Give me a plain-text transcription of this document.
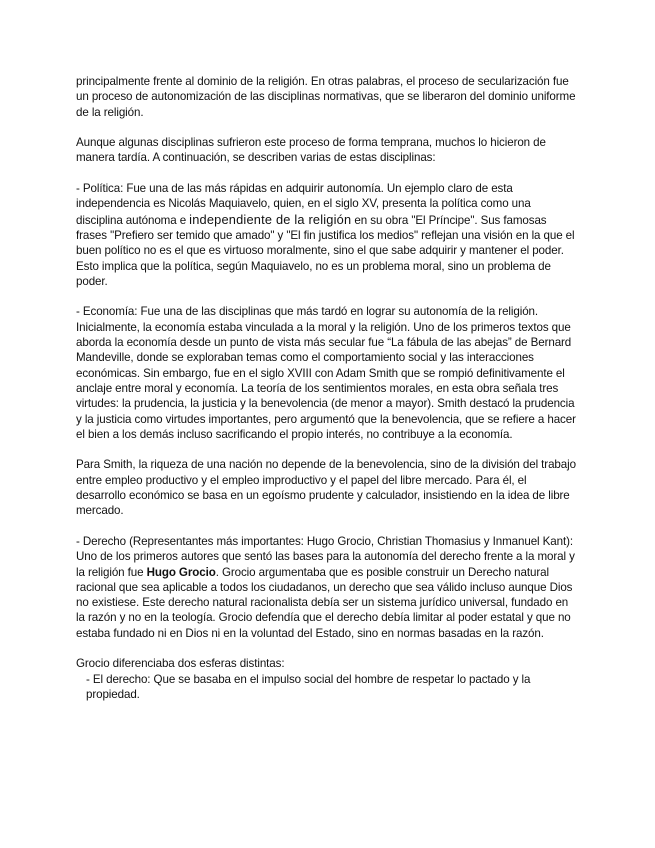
principalmente frente al dominio de la religión. En otras palabras, el proceso de secularización fue un proceso de autonomización de las disciplinas normativas, que se liberaron del dominio uniforme de la religión.

Aunque algunas disciplinas sufrieron este proceso de forma temprana, muchos lo hicieron de manera tardía. A continuación, se describen varias de estas disciplinas:

- Política: Fue una de las más rápidas en adquirir autonomía. Un ejemplo claro de esta independencia es Nicolás Maquiavelo, quien, en el siglo XV, presenta la política como una disciplina autónoma e independiente de la religión en su obra "El Príncipe". Sus famosas frases "Prefiero ser temido que amado" y "El fin justifica los medios" reflejan una visión en la que el buen político no es el que es virtuoso moralmente, sino el que sabe adquirir y mantener el poder. Esto implica que la política, según Maquiavelo, no es un problema moral, sino un problema de poder.

- Economía: Fue una de las disciplinas que más tardó en lograr su autonomía de la religión. Inicialmente, la economía estaba vinculada a la moral y la religión. Uno de los primeros textos que aborda la economía desde un punto de vista más secular fue “La fábula de las abejas” de Bernard Mandeville, donde se exploraban temas como el comportamiento social y las interacciones económicas. Sin embargo, fue en el siglo XVIII con Adam Smith que se rompió definitivamente el anclaje entre moral y economía. La teoría de los sentimientos morales, en esta obra señala tres virtudes: la prudencia, la justicia y la benevolencia (de menor a mayor). Smith destacó la prudencia y la justicia como virtudes importantes, pero argumentó que la benevolencia, que se refiere a hacer el bien a los demás incluso sacrificando el propio interés, no contribuye a la economía.

Para Smith, la riqueza de una nación no depende de la benevolencia, sino de la división del trabajo entre empleo productivo y el empleo improductivo y el papel del libre mercado. Para él, el desarrollo económico se basa en un egoísmo prudente y calculador, insistiendo en la idea de libre mercado.

- Derecho (Representantes más importantes: Hugo Grocio, Christian Thomasius y Inmanuel Kant): Uno de los primeros autores que sentó las bases para la autonomía del derecho frente a la moral y la religión fue Hugo Grocio. Grocio argumentaba que es posible construir un Derecho natural racional que sea aplicable a todos los ciudadanos, un derecho que sea válido incluso aunque Dios no existiese. Este derecho natural racionalista debía ser un sistema jurídico universal, fundado en la razón y no en la teología. Grocio defendía que el derecho debía limitar al poder estatal y que no estaba fundado ni en Dios ni en la voluntad del Estado, sino en normas basadas en la razón.

Grocio diferenciaba dos esferas distintas:

- El derecho: Que se basaba en el impulso social del hombre de respetar lo pactado y la propiedad.
